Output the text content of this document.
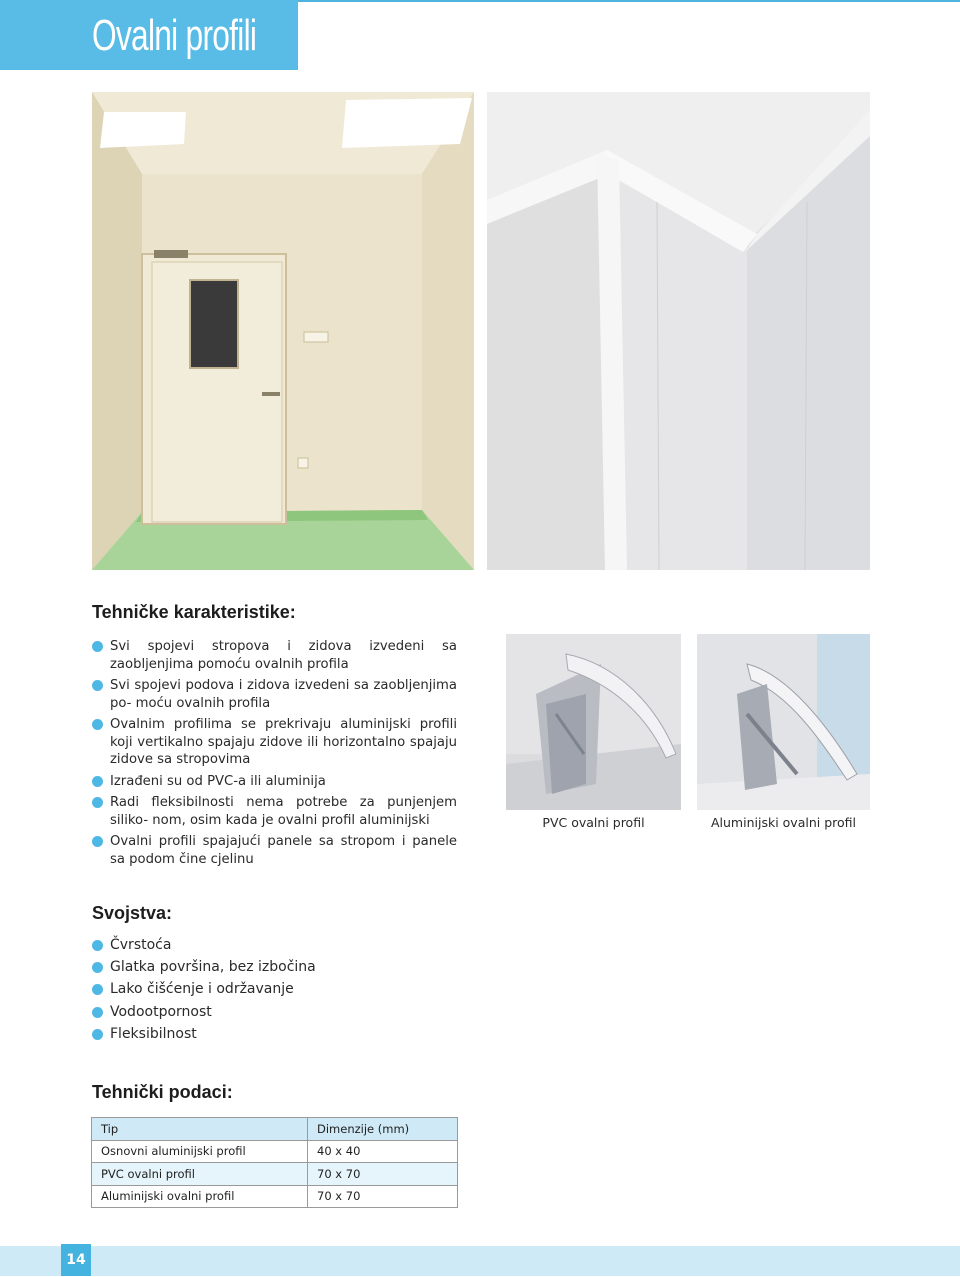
Ovalni profili
Tehničke karakteristike:
Svi spojevi stropova i zidova izvedeni sa zaobljenjima pomoću ovalnih profila
Svi spojevi podova i zidova izvedeni sa zaobljenjima po- moću ovalnih profila
Ovalnim profilima se prekrivaju aluminijski profili koji vertikalno spajaju zidove ili horizontalno spajaju zidove sa stropovima
Izrađeni su od PVC-a ili aluminija
Radi fleksibilnosti nema potrebe za punjenjem siliko- nom, osim kada je ovalni profil aluminijski
Ovalni profili spajajući panele sa stropom i panele sa podom čine cjelinu
PVC ovalni profil	Aluminijski ovalni profil
Svojstva:
Čvrstoća
Glatka površina, bez izbočina
Lako čišćenje i održavanje
Vodootpornost
Fleksibilnost
Tehnički podaci:
Tip	Dimenzije (mm)
Osnovni aluminijski profil	40 x 40
PVC ovalni profil	70 x 70
Aluminijski ovalni profil	70 x 70
14
